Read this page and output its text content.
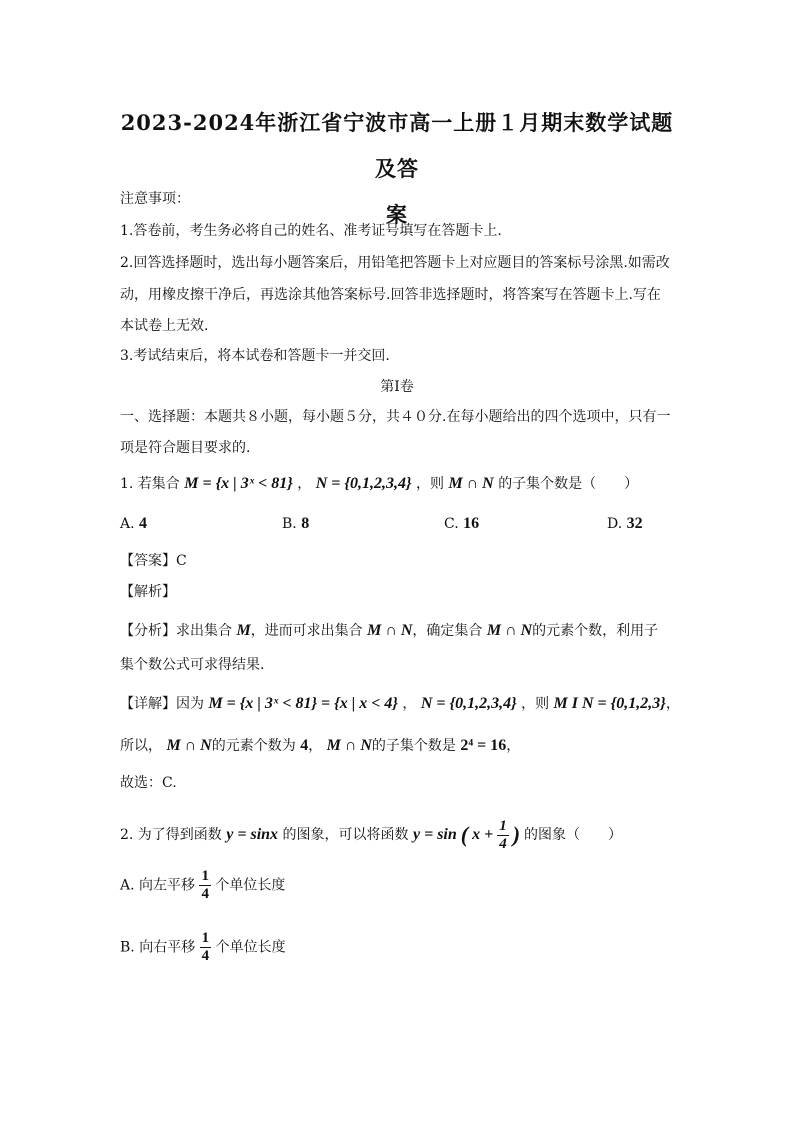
2023-2024年浙江省宁波市高一上册１月期末数学试题及答
案
注意事项：
1.答卷前，考生务必将自己的姓名、准考证号填写在答题卡上.
2.回答选择题时，选出每小题答案后，用铅笔把答题卡上对应题目的答案标号涂黑.如需改
动，用橡皮擦干净后，再选涂其他答案标号.回答非选择题时，将答案写在答题卡上.写在
本试卷上无效.
3.考试结束后，将本试卷和答题卡一并交回.
第Ⅰ卷
一、选择题：本题共８小题，每小题５分，共４０分.在每小题给出的四个选项中，只有一
项是符合题目要求的.
1. 若集合 M = {x | 3ˣ < 81} ， N = {0,1,2,3,4} ，则 M ∩ N 的子集个数是（　　）
A. 4	B. 8	C. 16	D. 32
【答案】C
【解析】
【分析】求出集合 M，进而可求出集合 M ∩ N，确定集合 M ∩ N的元素个数，利用子
集个数公式可求得结果.
【详解】因为 M = {x | 3ˣ < 81} = {x | x < 4} ， N = {0,1,2,3,4} ，则 M I N = {0,1,2,3}，
所以， M ∩ N的元素个数为 4， M ∩ N的子集个数是 2⁴ = 16，
故选：C.
2. 为了得到函数 y = sinx 的图象，可以将函数 y = sin ( $x + \frac{1}{4}$ ) 的图象（　　）
A. 向左平移 $\frac{1}{4}$ 个单位长度
B. 向右平移 $\frac{1}{4}$ 个单位长度
